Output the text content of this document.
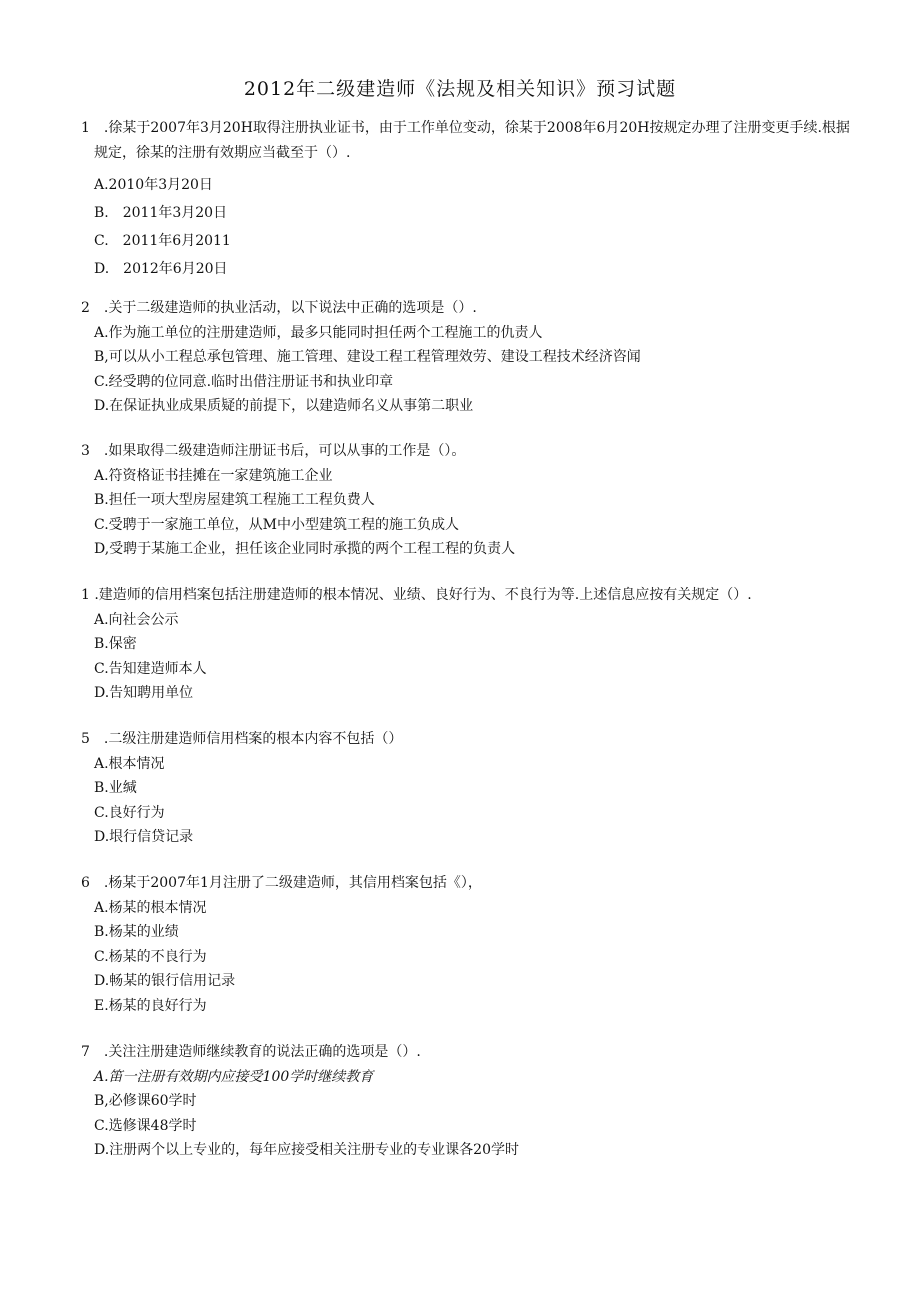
2012年二级建造师《法规及相关知识》预习试题

1　.徐某于2007年3月20H取得注册执业证书，由于工作单位变动，徐某于2008年6月20H按规定办理了注册变更手续.根据规定，徐某的注册有效期应当截至于（）.

A.2010年3月20日

B.　2011年3月20日

C.　2011年6月2011

D.　2012年6月20日

2　.关于二级建造师的执业活动，以下说法中正确的选项是（）.

A.作为施工单位的注册建造师，最多只能同时担任两个工程施工的仇责人

B,可以从小工程总承包管理、施工管理、建设工程工程管理效劳、建设工程技术经济咨闻

C.经受聘的位同意.临时出借注册证书和执业印章

D.在保证执业成果质疑的前提下，以建造师名义从事第二职业

3　.如果取得二级建造师注册证书后，可以从事的工作是（）。

A.符资格证书挂摊在一家建筑施工企业

B.担任一项大型房屋建筑工程施工工程负费人

C.受聘于一家施工单位，从M中小型建筑工程的施工负成人

D,受聘于某施工企业，担任该企业同时承揽的两个工程工程的负责人

1 .建造师的信用档案包括注册建造师的根本情况、业绩、良好行为、不良行为等.上述信息应按有关规定（）.

A.向社会公示

B.保密

C.告知建造师本人

D.告知聘用单位

5　.二级注册建造师信用档案的根本内容不包括（）

A.根本情况

B.业缄

C.良好行为

D.垠行信贷记录

6　.杨某于2007年1月注册了二级建造师，其信用档案包括《），

A.杨某的根本情况

B.杨某的业绩

C.杨某的不良行为

D.畅某的银行信用记录

E.杨某的良好行为

7　.关注注册建造师继续教育的说法正确的选项是（）.

A.笛一注册有效期内应接受100学时继续教育

B,必修课60学时

C.选修课48学时

D.注册两个以上专业的，每年应接受相关注册专业的专业课各20学时
